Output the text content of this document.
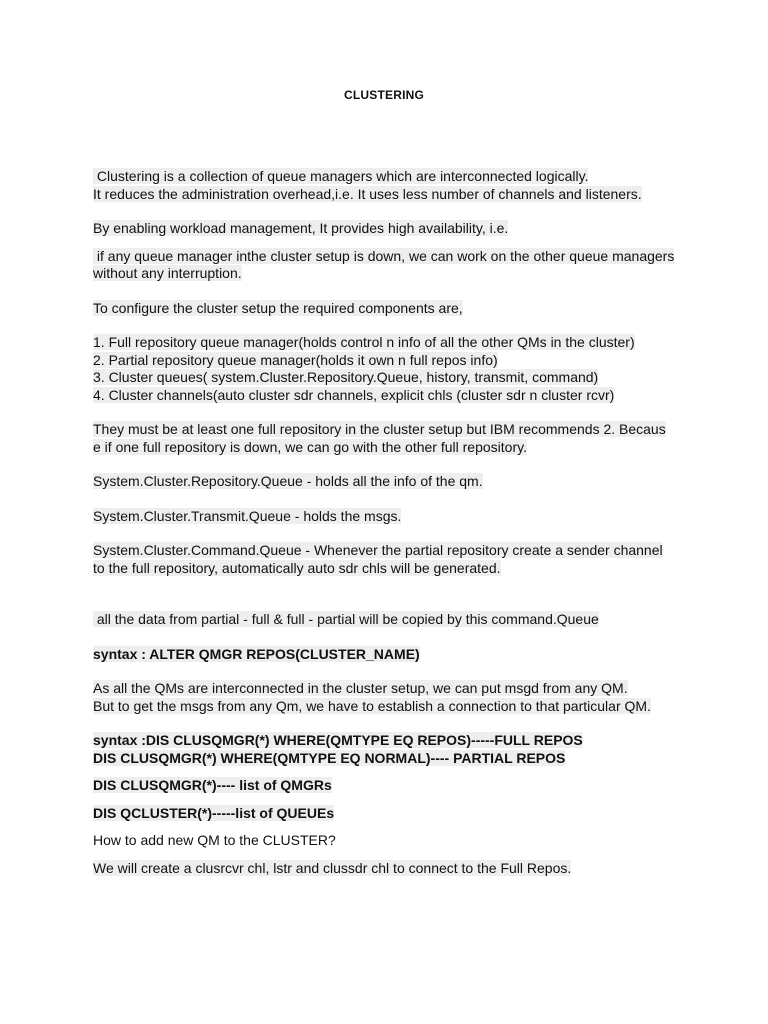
CLUSTERING
Clustering is a collection of queue managers which are interconnected logically.
It reduces the administration overhead,i.e. It uses less number of channels and listeners.
By enabling workload management, It provides high availability, i.e.
if any queue manager inthe cluster setup is down, we can work on the other queue managers
without any interruption.
To configure the cluster setup the required components are,
1. Full repository queue manager(holds control n info of all the other QMs in the cluster)
2. Partial repository queue manager(holds it own n full repos info)
3. Cluster queues( system.Cluster.Repository.Queue, history, transmit, command)
4. Cluster channels(auto cluster sdr channels, explicit chls (cluster sdr n cluster rcvr)
They must be at least one full repository in the cluster setup but IBM recommends 2. Becaus
e if one full repository is down, we can go with the other full repository.
System.Cluster.Repository.Queue - holds all the info of the qm.
System.Cluster.Transmit.Queue - holds the msgs.
System.Cluster.Command.Queue - Whenever the partial repository create a sender channel
to the full repository, automatically auto sdr chls will be generated.
all the data from partial - full & full - partial will be copied by this command.Queue
syntax : ALTER QMGR REPOS(CLUSTER_NAME)
As all the QMs are interconnected in the cluster setup, we can put msgd from any QM.
But to get the msgs from any Qm, we have to establish a connection to that particular QM.
syntax :DIS CLUSQMGR(*) WHERE(QMTYPE EQ REPOS)-----FULL REPOS
DIS CLUSQMGR(*) WHERE(QMTYPE EQ NORMAL)---- PARTIAL REPOS
DIS CLUSQMGR(*)---- list of QMGRs
DIS QCLUSTER(*)-----list of QUEUEs
How to add new QM to the CLUSTER?
We will create a clusrcvr chl, lstr and clussdr chl to connect to the Full Repos.
